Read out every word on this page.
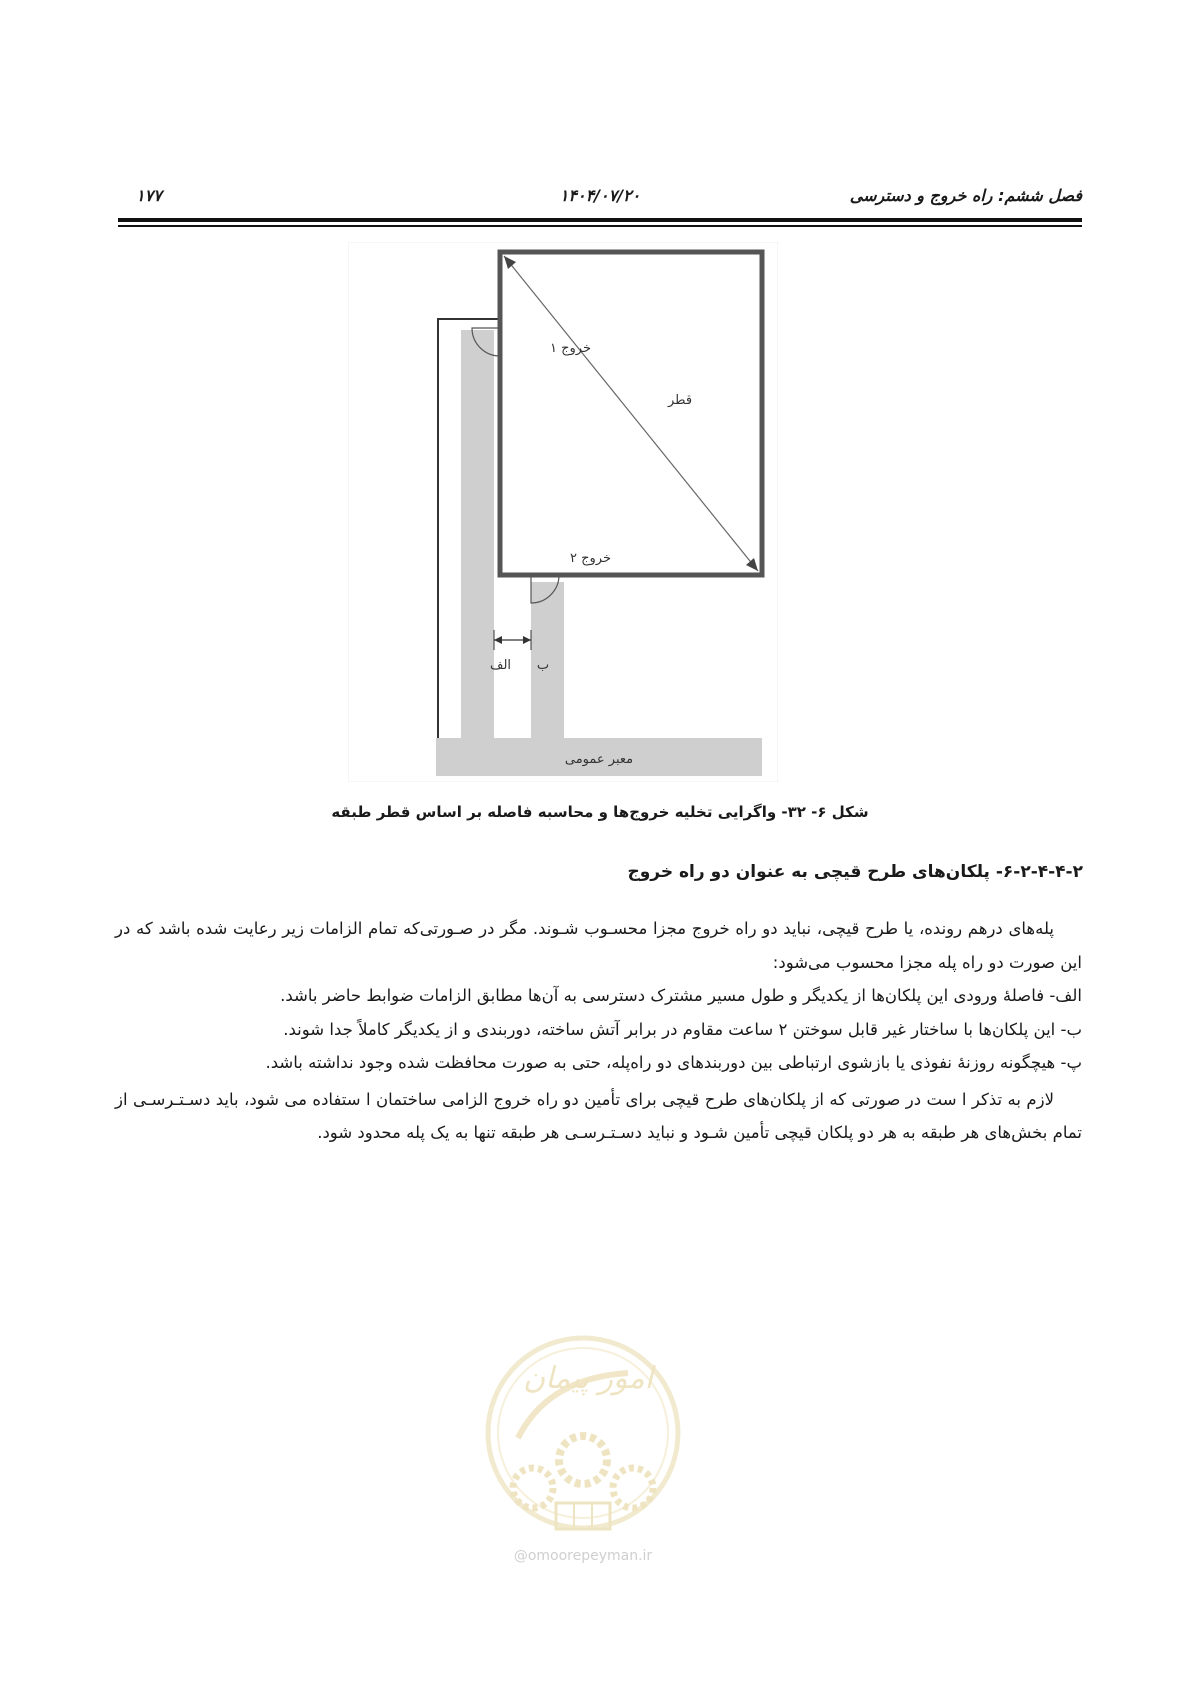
فصل ششم: راه خروج و دسترسی
۱۴۰۴/۰۷/۲۰
۱۷۷
خروج ۱
قطر
خروج ۲
الف ب
معبر عمومی
شکل ۶- ۳۲- واگرایی تخلیه خروج‌ها و محاسبه فاصله بر اساس قطر طبقه
۶-۲-۴-۴-۲- پلکان‌های طرح قیچی به عنوان دو راه خروج

پله‌های درهم رونده، یا طرح قیچی، نباید دو راه خروج مجزا محسـوب شـوند. مگر در صـورتی‌که تمام الزامات زیر رعایت شده باشد که در این صورت دو راه پله مجزا محسوب می‌شود:

الف- فاصلهٔ ورودی این پلکان‌ها از یکدیگر و طول مسیر مشترک دسترسی به آن‌ها مطابق الزامات ضوابط حاضر باشد.

ب- این پلکان‌ها با ساختار غیر قابل سوختن ۲ ساعت مقاوم در برابر آتش ساخته، دوربندی و از یکدیگر کاملاً جدا شوند.

پ- هیچگونه روزنهٔ نفوذی یا بازشوی ارتباطی بین دوربندهای دو راه‌پله، حتی به صورت محافظت شده وجود نداشته باشد.

لازم به تذکر ا ست در صورتی که از پلکان‌های طرح قیچی برای تأمین دو راه خروج الزامی ساختمان ا ستفاده می شود، باید دسـتـرسـی از تمام بخش‌های هر طبقه به هر دو پلکان قیچی تأمین شـود و نباید دسـتـرسـی هر طبقه تنها به یک پله محدود شود.

امور پیمان
@omoorepeyman.ir
